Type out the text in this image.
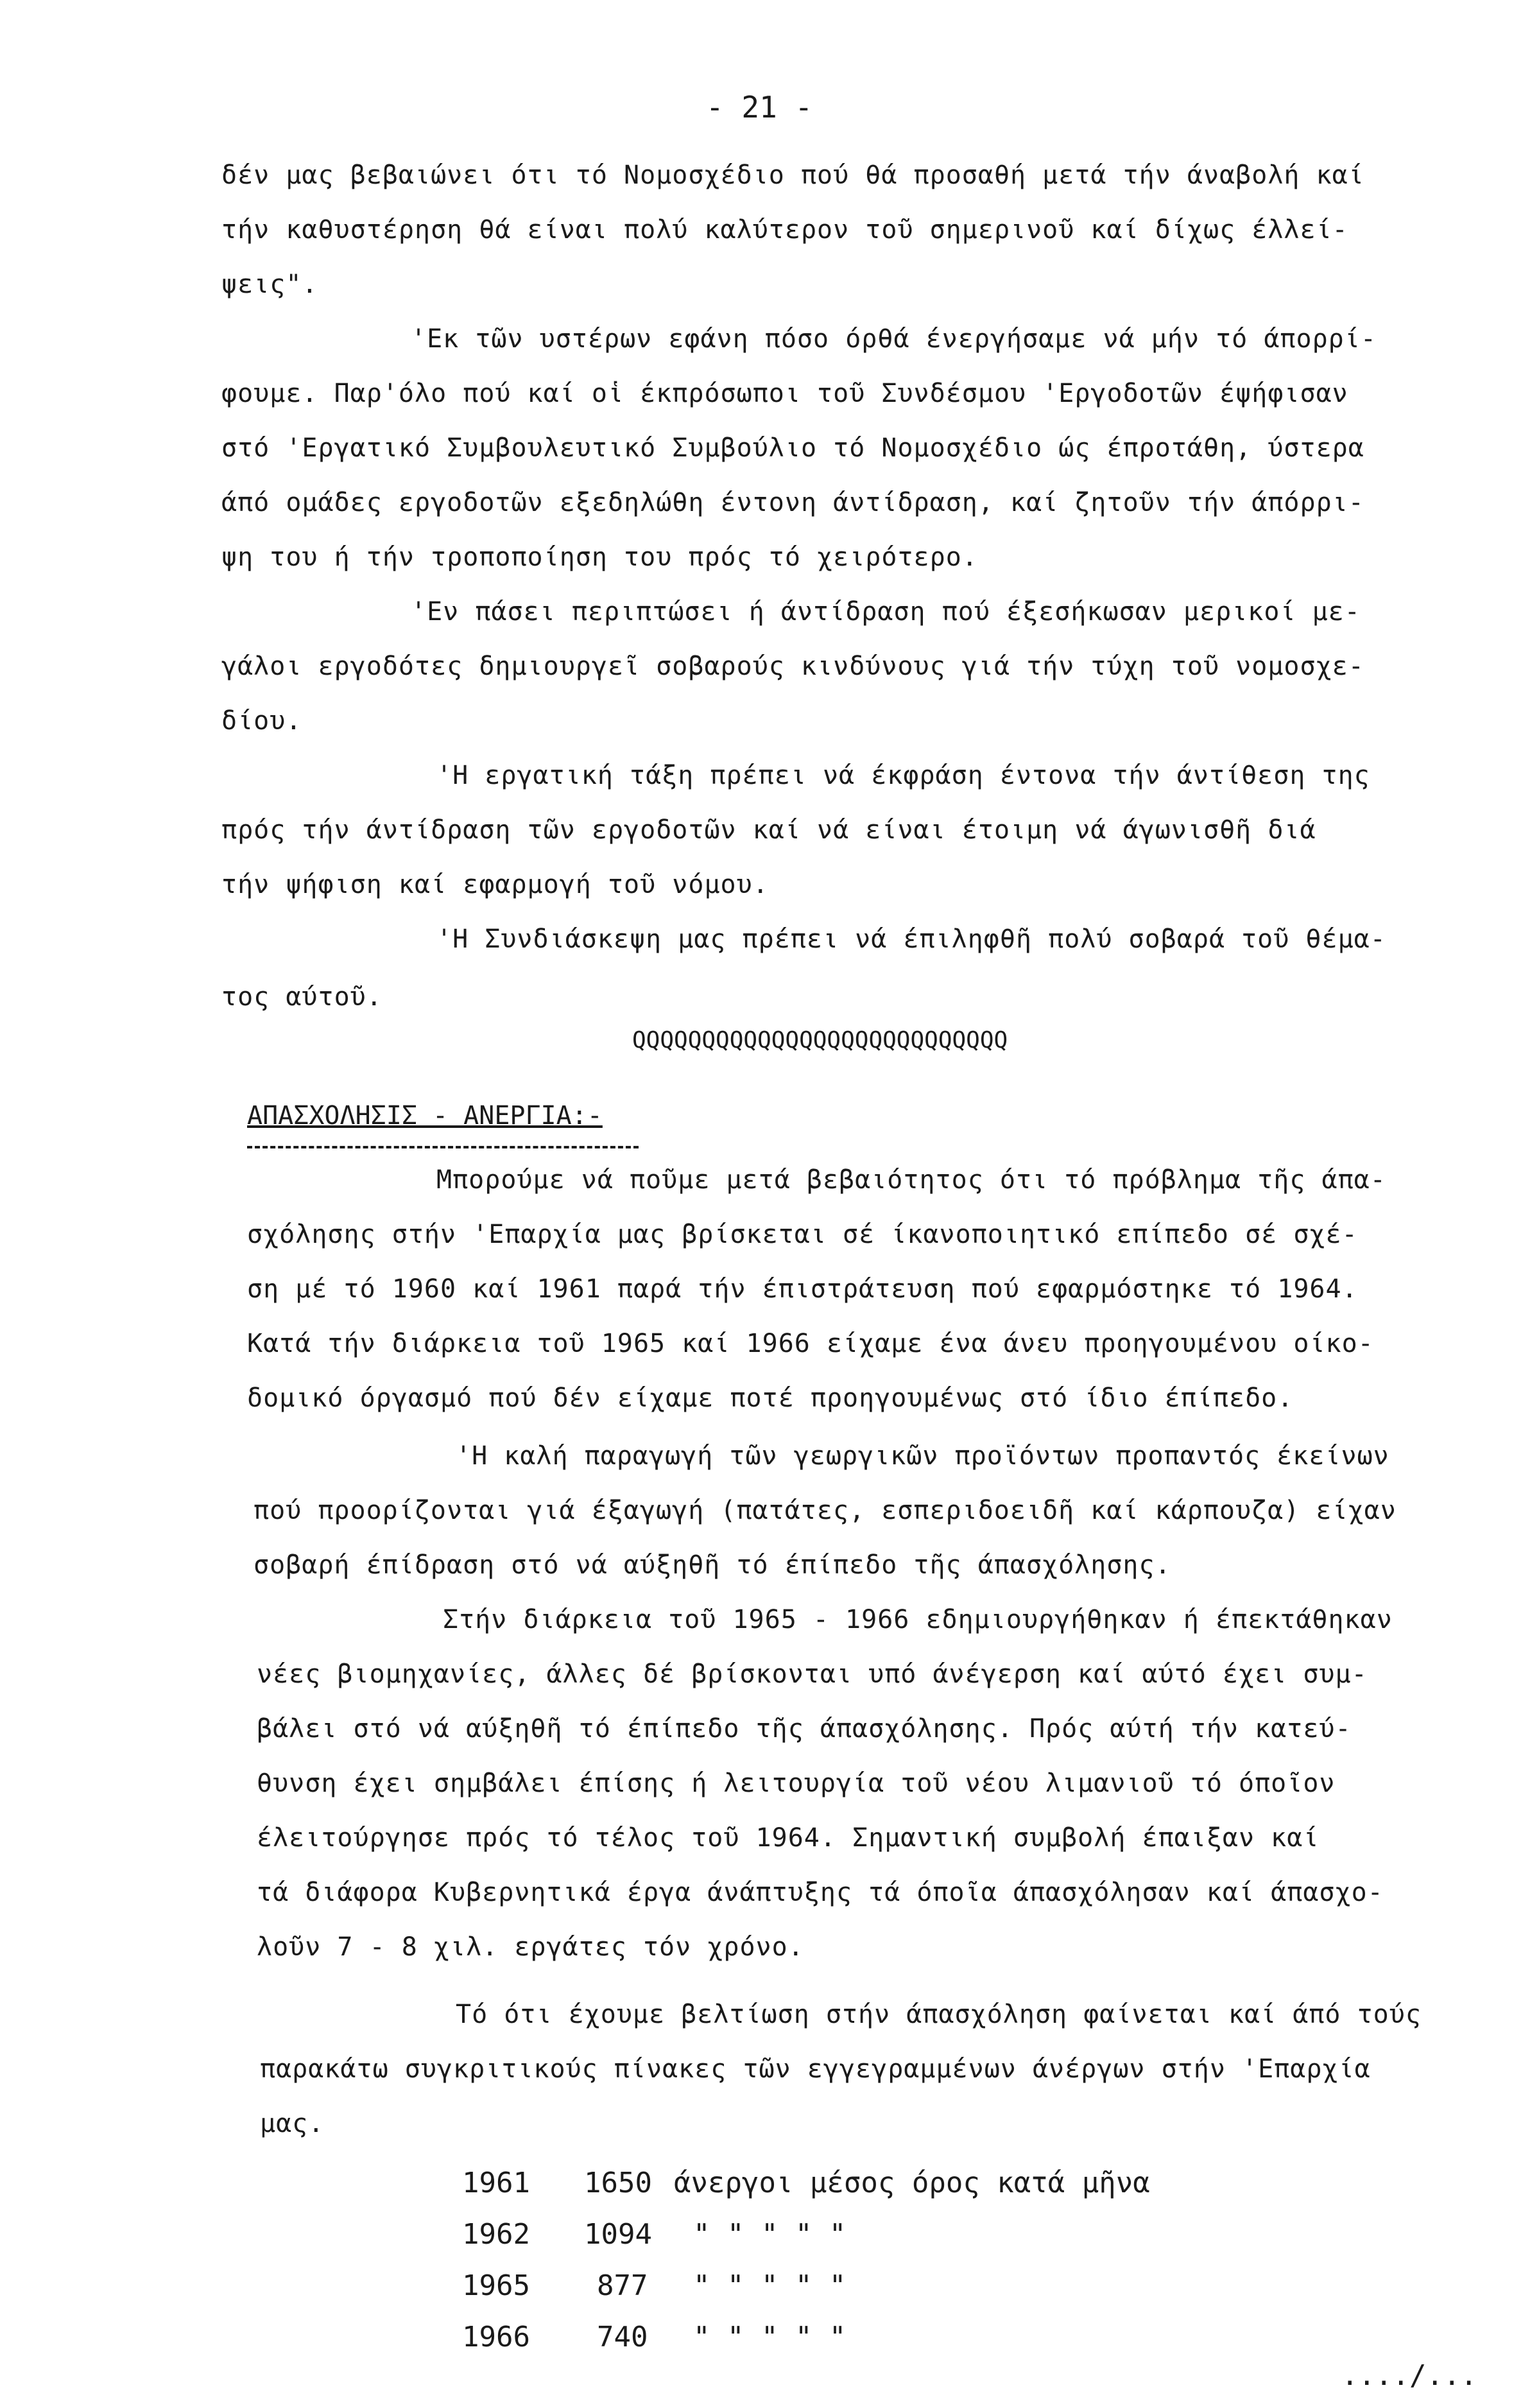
- 21 -
δέν μας βεβαιώνει ότι τό Νομοσχέδιο πού θά προσαθή μετά τήν άναβολή καί
τήν καθυστέρηση θά είναι πολύ καλύτερον τοῦ σημερινοῦ καί δίχως έλλεί-
ψεις".
'Εκ τῶν υστέρων εφάνη πόσο όρθά ένεργήσαμε νά μήν τό άπορρί-
φουμε. Παρ'όλο πού καί οἱ έκπρόσωποι τοῦ Συνδέσμου 'Εργοδοτῶν έψήφισαν
στό 'Εργατικό Συμβουλευτικό Συμβούλιο τό Νομοσχέδιο ώς έπροτάθη, ύστερα
άπό ομάδες εργοδοτῶν εξεδηλώθη έντονη άντίδραση, καί ζητοῦν τήν άπόρρι-
ψη του ή τήν τροποποίηση του πρός τό χειρότερο.
'Εν πάσει περιπτώσει ή άντίδραση πού έξεσήκωσαν μερικοί με-
γάλοι εργοδότες δημιουργεῖ σοβαρούς κινδύνους γιά τήν τύχη τοῦ νομοσχε-
δίου.
'Η εργατική τάξη πρέπει νά έκφράση έντονα τήν άντίθεση της
πρός τήν άντίδραση τῶν εργοδοτῶν καί νά είναι έτοιμη νά άγωνισθῆ διά
τήν ψήφιση καί εφαρμογή τοῦ νόμου.
'Η Συνδιάσκεψη μας πρέπει νά έπιληφθῆ πολύ σοβαρά τοῦ θέμα-
τος αύτοῦ.
QQQQQQQQQQQQQQQQQQQQQQQQQQQ
ΑΠΑΣΧΟΛΗΣΙΣ - ΑΝΕΡΓΙΑ:-
Μπορούμε νά ποῦμε μετά βεβαιότητος ότι τό πρόβλημα τῆς άπα-
σχόλησης στήν 'Επαρχία μας βρίσκεται σέ ίκανοποιητικό επίπεδο σέ σχέ-
ση μέ τό 1960 καί 1961 παρά τήν έπιστράτευση πού εφαρμόστηκε τό 1964.
Κατά τήν διάρκεια τοῦ 1965 καί 1966 είχαμε ένα άνευ προηγουμένου οίκο-
δομικό όργασμό πού δέν είχαμε ποτέ προηγουμένως στό ίδιο έπίπεδο.
'Η καλή παραγωγή τῶν γεωργικῶν προϊόντων προπαντός έκείνων
πού προορίζονται γιά έξαγωγή (πατάτες, εσπεριδοειδῆ καί κάρπουζα) είχαν
σοβαρή έπίδραση στό νά αύξηθῆ τό έπίπεδο τῆς άπασχόλησης.
Στήν διάρκεια τοῦ 1965 - 1966 εδημιουργήθηκαν ή έπεκτάθηκαν
νέες βιομηχανίες, άλλες δέ βρίσκονται υπό άνέγερση καί αύτό έχει συμ-
βάλει στό νά αύξηθῆ τό έπίπεδο τῆς άπασχόλησης. Πρός αύτή τήν κατεύ-
θυνση έχει σημβάλει έπίσης ή λειτουργία τοῦ νέου λιμανιοῦ τό όποῖον
έλειτούργησε πρός τό τέλος τοῦ 1964. Σημαντική συμβολή έπαιξαν καί
τά διάφορα Κυβερνητικά έργα άνάπτυξης τά όποῖα άπασχόλησαν καί άπασχο-
λοῦν 7 - 8 χιλ. εργάτες τόν χρόνο.
Τό ότι έχουμε βελτίωση στήν άπασχόληση φαίνεται καί άπό τούς
παρακάτω συγκριτικούς πίνακες τῶν εγγεγραμμένων άνέργων στήν 'Επαρχία
μας.
1961 1650 άνεργοι μέσος όρος κατά μῆνα
1962 1094 " " " " "
1965 877 " " " " "
1966 740 " " " " "
..../...
